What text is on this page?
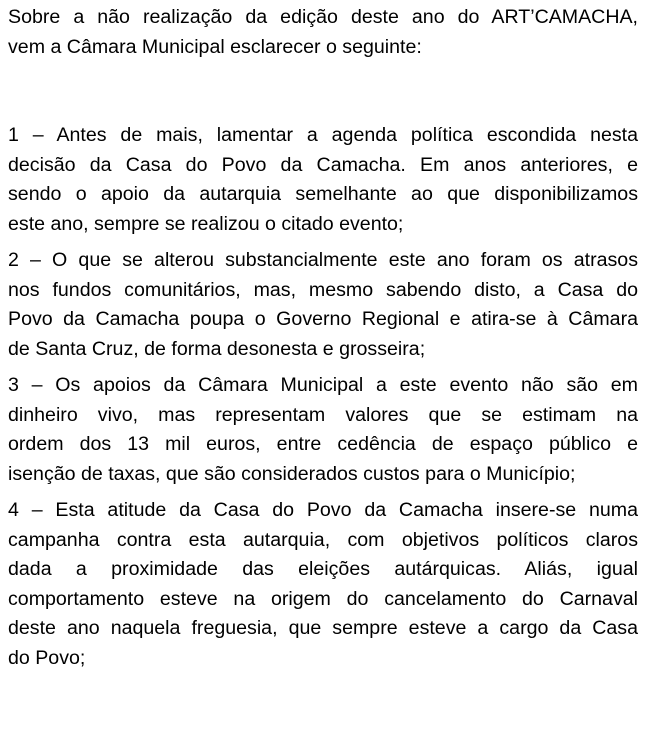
Sobre a não realização da edição deste ano do ART’CAMACHA,
vem a Câmara Municipal esclarecer o seguinte:
1 – Antes de mais, lamentar a agenda política escondida nesta
decisão da Casa do Povo da Camacha. Em anos anteriores, e
sendo o apoio da autarquia semelhante ao que disponibilizamos
este ano, sempre se realizou o citado evento;
2 – O que se alterou substancialmente este ano foram os atrasos
nos fundos comunitários, mas, mesmo sabendo disto, a Casa do
Povo da Camacha poupa o Governo Regional e atira-se à Câmara
de Santa Cruz, de forma desonesta e grosseira;
3 – Os apoios da Câmara Municipal a este evento não são em
dinheiro vivo, mas representam valores que se estimam na
ordem dos 13 mil euros, entre cedência de espaço público e
isenção de taxas, que são considerados custos para o Município;
4 – Esta atitude da Casa do Povo da Camacha insere-se numa
campanha contra esta autarquia, com objetivos políticos claros
dada a proximidade das eleições autárquicas. Aliás, igual
comportamento esteve na origem do cancelamento do Carnaval
deste ano naquela freguesia, que sempre esteve a cargo da Casa
do Povo;
